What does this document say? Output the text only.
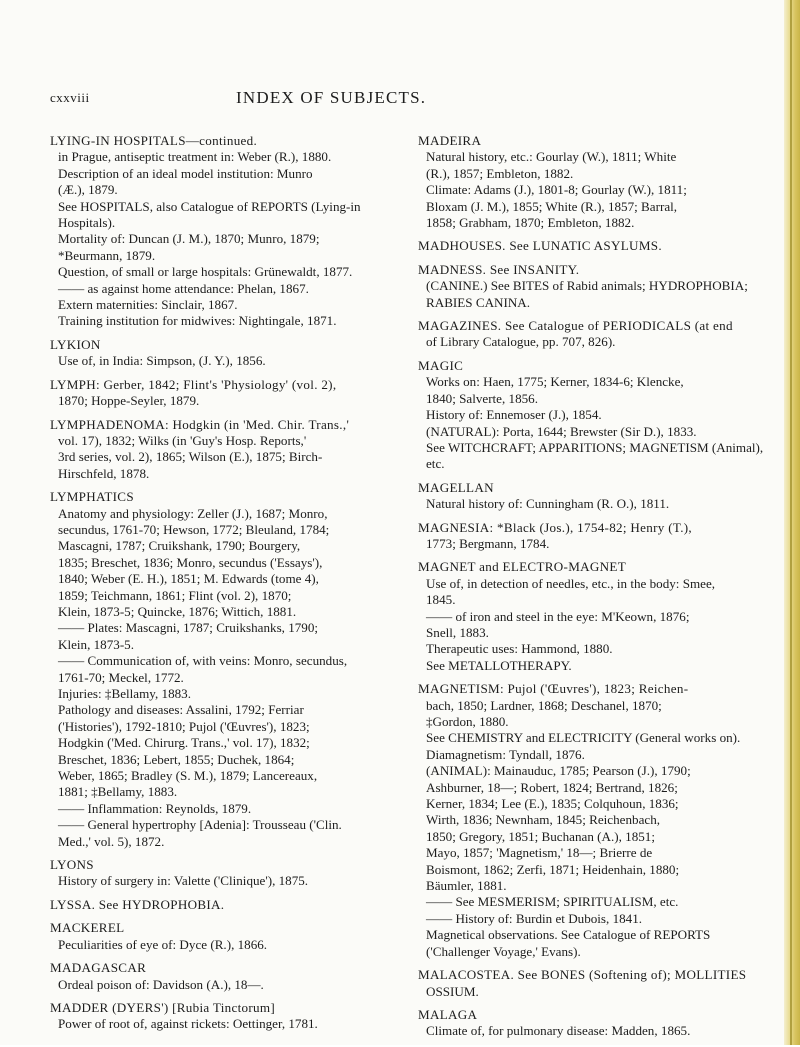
cxxviii	INDEX OF SUBJECTS.
LYING-IN HOSPITALS—continued.
in Prague, antiseptic treatment in: Weber (R.), 1880.
Description of an ideal model institution: Munro
(Æ.), 1879.
See HOSPITALS, also Catalogue of REPORTS (Lying-in
Hospitals).
Mortality of: Duncan (J. M.), 1870; Munro, 1879;
*Beurmann, 1879.
Question, of small or large hospitals: Grünewaldt, 1877.
—— as against home attendance: Phelan, 1867.
Extern maternities: Sinclair, 1867.
Training institution for midwives: Nightingale, 1871.
LYKION
Use of, in India: Simpson, (J. Y.), 1856.
LYMPH: Gerber, 1842; Flint's 'Physiology' (vol. 2),
1870; Hoppe-Seyler, 1879.
LYMPHADENOMA: Hodgkin (in 'Med. Chir. Trans.,'
vol. 17), 1832; Wilks (in 'Guy's Hosp. Reports,'
3rd series, vol. 2), 1865; Wilson (E.), 1875; Birch-
Hirschfeld, 1878.
LYMPHATICS
Anatomy and physiology: Zeller (J.), 1687; Monro,
secundus, 1761-70; Hewson, 1772; Bleuland, 1784;
Mascagni, 1787; Cruikshank, 1790; Bourgery,
1835; Breschet, 1836; Monro, secundus ('Essays'),
1840; Weber (E. H.), 1851; M. Edwards (tome 4),
1859; Teichmann, 1861; Flint (vol. 2), 1870;
Klein, 1873-5; Quincke, 1876; Wittich, 1881.
—— Plates: Mascagni, 1787; Cruikshanks, 1790;
Klein, 1873-5.
—— Communication of, with veins: Monro, secundus,
1761-70; Meckel, 1772.
Injuries: ‡Bellamy, 1883.
Pathology and diseases: Assalini, 1792; Ferriar
('Histories'), 1792-1810; Pujol ('Œuvres'), 1823;
Hodgkin ('Med. Chirurg. Trans.,' vol. 17), 1832;
Breschet, 1836; Lebert, 1855; Duchek, 1864;
Weber, 1865; Bradley (S. M.), 1879; Lancereaux,
1881; ‡Bellamy, 1883.
—— Inflammation: Reynolds, 1879.
—— General hypertrophy [Adenia]: Trousseau ('Clin.
Med.,' vol. 5), 1872.
LYONS
History of surgery in: Valette ('Clinique'), 1875.
LYSSA. See HYDROPHOBIA.
MACKEREL
Peculiarities of eye of: Dyce (R.), 1866.
MADAGASCAR
Ordeal poison of: Davidson (A.), 18—.
MADDER (DYERS') [Rubia Tinctorum]
Power of root of, against rickets: Oettinger, 1781.
MADEIRA
Natural history, etc.: Gourlay (W.), 1811; White
(R.), 1857; Embleton, 1882.
Climate: Adams (J.), 1801-8; Gourlay (W.), 1811;
Bloxam (J. M.), 1855; White (R.), 1857; Barral,
1858; Grabham, 1870; Embleton, 1882.
MADHOUSES. See LUNATIC ASYLUMS.
MADNESS. See INSANITY.
(CANINE.) See BITES of Rabid animals; HYDROPHOBIA;
RABIES CANINA.
MAGAZINES. See Catalogue of PERIODICALS (at end
of Library Catalogue, pp. 707, 826).
MAGIC
Works on: Haen, 1775; Kerner, 1834-6; Klencke,
1840; Salverte, 1856.
History of: Ennemoser (J.), 1854.
(NATURAL): Porta, 1644; Brewster (Sir D.), 1833.
See WITCHCRAFT; APPARITIONS; MAGNETISM (Animal),
etc.
MAGELLAN
Natural history of: Cunningham (R. O.), 1811.
MAGNESIA: *Black (Jos.), 1754-82; Henry (T.),
1773; Bergmann, 1784.
MAGNET and ELECTRO-MAGNET
Use of, in detection of needles, etc., in the body: Smee,
1845.
—— of iron and steel in the eye: M'Keown, 1876;
Snell, 1883.
Therapeutic uses: Hammond, 1880.
See METALLOTHERAPY.
MAGNETISM: Pujol ('Œuvres'), 1823; Reichen-
bach, 1850; Lardner, 1868; Deschanel, 1870;
‡Gordon, 1880.
See CHEMISTRY and ELECTRICITY (General works on).
Diamagnetism: Tyndall, 1876.
(ANIMAL): Mainauduc, 1785; Pearson (J.), 1790;
Ashburner, 18—; Robert, 1824; Bertrand, 1826;
Kerner, 1834; Lee (E.), 1835; Colquhoun, 1836;
Wirth, 1836; Newnham, 1845; Reichenbach,
1850; Gregory, 1851; Buchanan (A.), 1851;
Mayo, 1857; 'Magnetism,' 18—; Brierre de
Boismont, 1862; Zerfi, 1871; Heidenhain, 1880;
Bäumler, 1881.
—— See MESMERISM; SPIRITUALISM, etc.
—— History of: Burdin et Dubois, 1841.
Magnetical observations. See Catalogue of REPORTS
('Challenger Voyage,' Evans).
MALACOSTEA. See BONES (Softening of); MOLLITIES
OSSIUM.
MALAGA
Climate of, for pulmonary disease: Madden, 1865.
